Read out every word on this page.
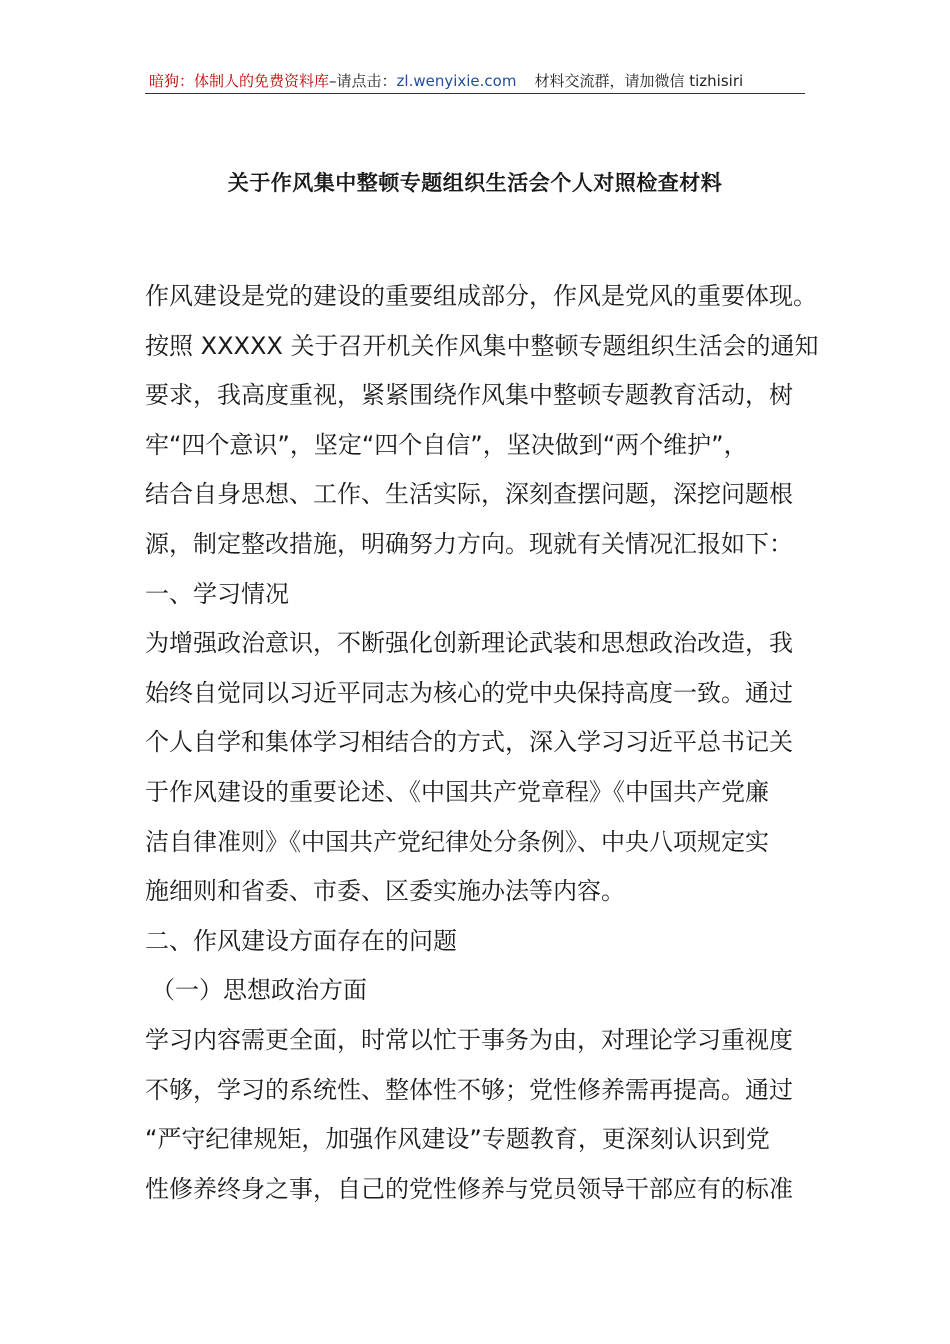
暗狗：体制人的免费资料库–请点击：zl.wenyixie.com 材料交流群，请加微信 tizhisiri
关于作风集中整顿专题组织生活会个人对照检查材料
作风建设是党的建设的重要组成部分，作风是党风的重要体现。
按照 XXXXX 关于召开机关作风集中整顿专题组织生活会的通知
要求，我高度重视，紧紧围绕作风集中整顿专题教育活动，树
牢“四个意识”，坚定“四个自信”，坚决做到“两个维护”，
结合自身思想、工作、生活实际，深刻查摆问题，深挖问题根
源，制定整改措施，明确努力方向。现就有关情况汇报如下：
一、学习情况
为增强政治意识，不断强化创新理论武装和思想政治改造，我
始终自觉同以习近平同志为核心的党中央保持高度一致。通过
个人自学和集体学习相结合的方式，深入学习习近平总书记关
于作风建设的重要论述、《中国共产党章程》《中国共产党廉
洁自律准则》《中国共产党纪律处分条例》、中央八项规定实
施细则和省委、市委、区委实施办法等内容。
二、作风建设方面存在的问题
（一）思想政治方面
学习内容需更全面，时常以忙于事务为由，对理论学习重视度
不够，学习的系统性、整体性不够；党性修养需再提高。通过
“严守纪律规矩，加强作风建设”专题教育，更深刻认识到党
性修养终身之事，自己的党性修养与党员领导干部应有的标准
